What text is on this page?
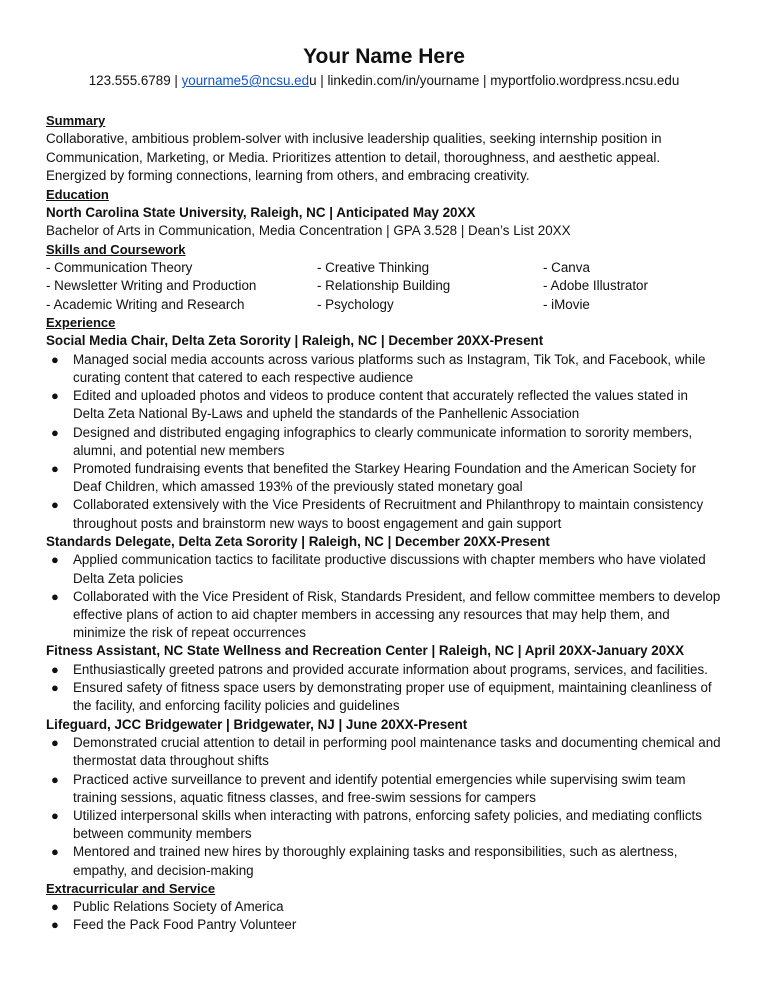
Your Name Here
123.555.6789 | yourname5@ncsu.edu | linkedin.com/in/yourname | myportfolio.wordpress.ncsu.edu
Summary
Collaborative, ambitious problem-solver with inclusive leadership qualities, seeking internship position in Communication, Marketing, or Media. Prioritizes attention to detail, thoroughness, and aesthetic appeal. Energized by forming connections, learning from others, and embracing creativity.
Education
North Carolina State University, Raleigh, NC | Anticipated May 20XX
Bachelor of Arts in Communication, Media Concentration | GPA 3.528 | Dean’s List 20XX
Skills and Coursework
- Communication Theory	- Creative Thinking	- Canva
- Newsletter Writing and Production	- Relationship Building	- Adobe Illustrator
- Academic Writing and Research	- Psychology	- iMovie
Experience
Social Media Chair, Delta Zeta Sorority | Raleigh, NC | December 20XX-Present
● Managed social media accounts across various platforms such as Instagram, Tik Tok, and Facebook, while curating content that catered to each respective audience
● Edited and uploaded photos and videos to produce content that accurately reflected the values stated in Delta Zeta National By-Laws and upheld the standards of the Panhellenic Association
● Designed and distributed engaging infographics to clearly communicate information to sorority members, alumni, and potential new members
● Promoted fundraising events that benefited the Starkey Hearing Foundation and the American Society for Deaf Children, which amassed 193% of the previously stated monetary goal
● Collaborated extensively with the Vice Presidents of Recruitment and Philanthropy to maintain consistency throughout posts and brainstorm new ways to boost engagement and gain support
Standards Delegate, Delta Zeta Sorority | Raleigh, NC | December 20XX-Present
● Applied communication tactics to facilitate productive discussions with chapter members who have violated Delta Zeta policies
● Collaborated with the Vice President of Risk, Standards President, and fellow committee members to develop effective plans of action to aid chapter members in accessing any resources that may help them, and minimize the risk of repeat occurrences
Fitness Assistant, NC State Wellness and Recreation Center | Raleigh, NC | April 20XX-January 20XX
● Enthusiastically greeted patrons and provided accurate information about programs, services, and facilities.
● Ensured safety of fitness space users by demonstrating proper use of equipment, maintaining cleanliness of the facility, and enforcing facility policies and guidelines
Lifeguard, JCC Bridgewater | Bridgewater, NJ | June 20XX-Present
● Demonstrated crucial attention to detail in performing pool maintenance tasks and documenting chemical and thermostat data throughout shifts
● Practiced active surveillance to prevent and identify potential emergencies while supervising swim team training sessions, aquatic fitness classes, and free-swim sessions for campers
● Utilized interpersonal skills when interacting with patrons, enforcing safety policies, and mediating conflicts between community members
● Mentored and trained new hires by thoroughly explaining tasks and responsibilities, such as alertness, empathy, and decision-making
Extracurricular and Service
● Public Relations Society of America
● Feed the Pack Food Pantry Volunteer
